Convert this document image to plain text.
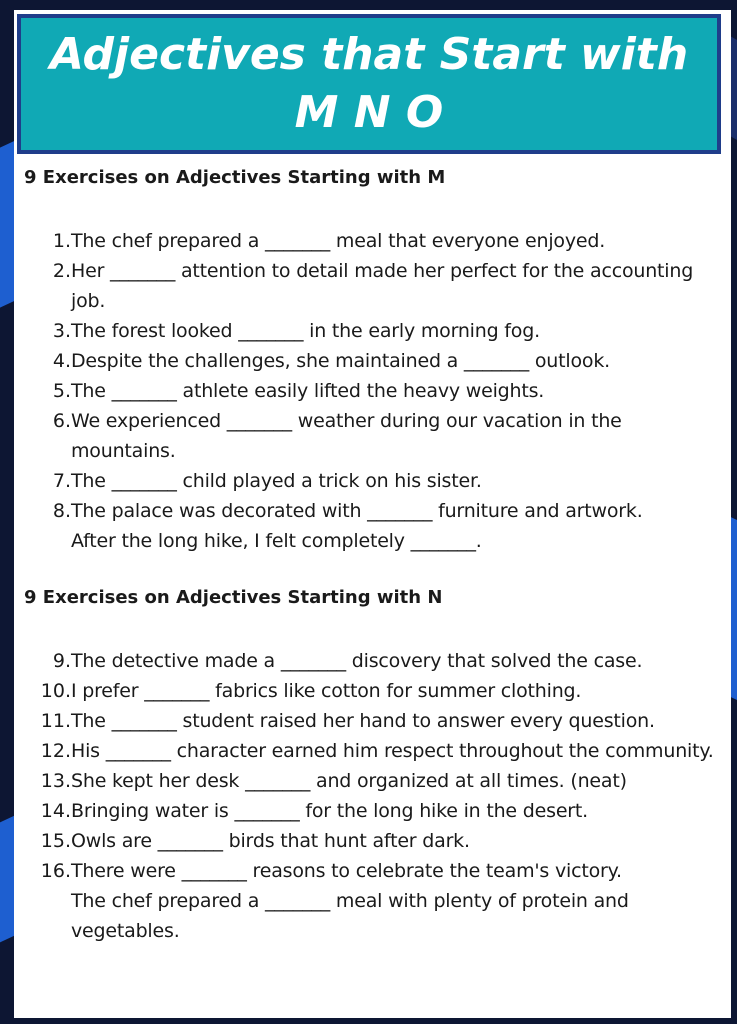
Adjectives that Start with M N O
9 Exercises on Adjectives Starting with M
1. The chef prepared a _______ meal that everyone enjoyed.
2. Her _______ attention to detail made her perfect for the accounting job.
3. The forest looked _______ in the early morning fog.
4. Despite the challenges, she maintained a _______ outlook.
5. The _______ athlete easily lifted the heavy weights.
6. We experienced _______ weather during our vacation in the mountains.
7. The _______ child played a trick on his sister.
8. The palace was decorated with _______ furniture and artwork.
After the long hike, I felt completely _______.
9 Exercises on Adjectives Starting with N
9. The detective made a _______ discovery that solved the case.
10. I prefer _______ fabrics like cotton for summer clothing.
11. The _______ student raised her hand to answer every question.
12. His _______ character earned him respect throughout the community.
13. She kept her desk _______ and organized at all times. (neat)
14. Bringing water is _______ for the long hike in the desert.
15. Owls are _______ birds that hunt after dark.
16. There were _______ reasons to celebrate the team's victory.
The chef prepared a _______ meal with plenty of protein and vegetables.
